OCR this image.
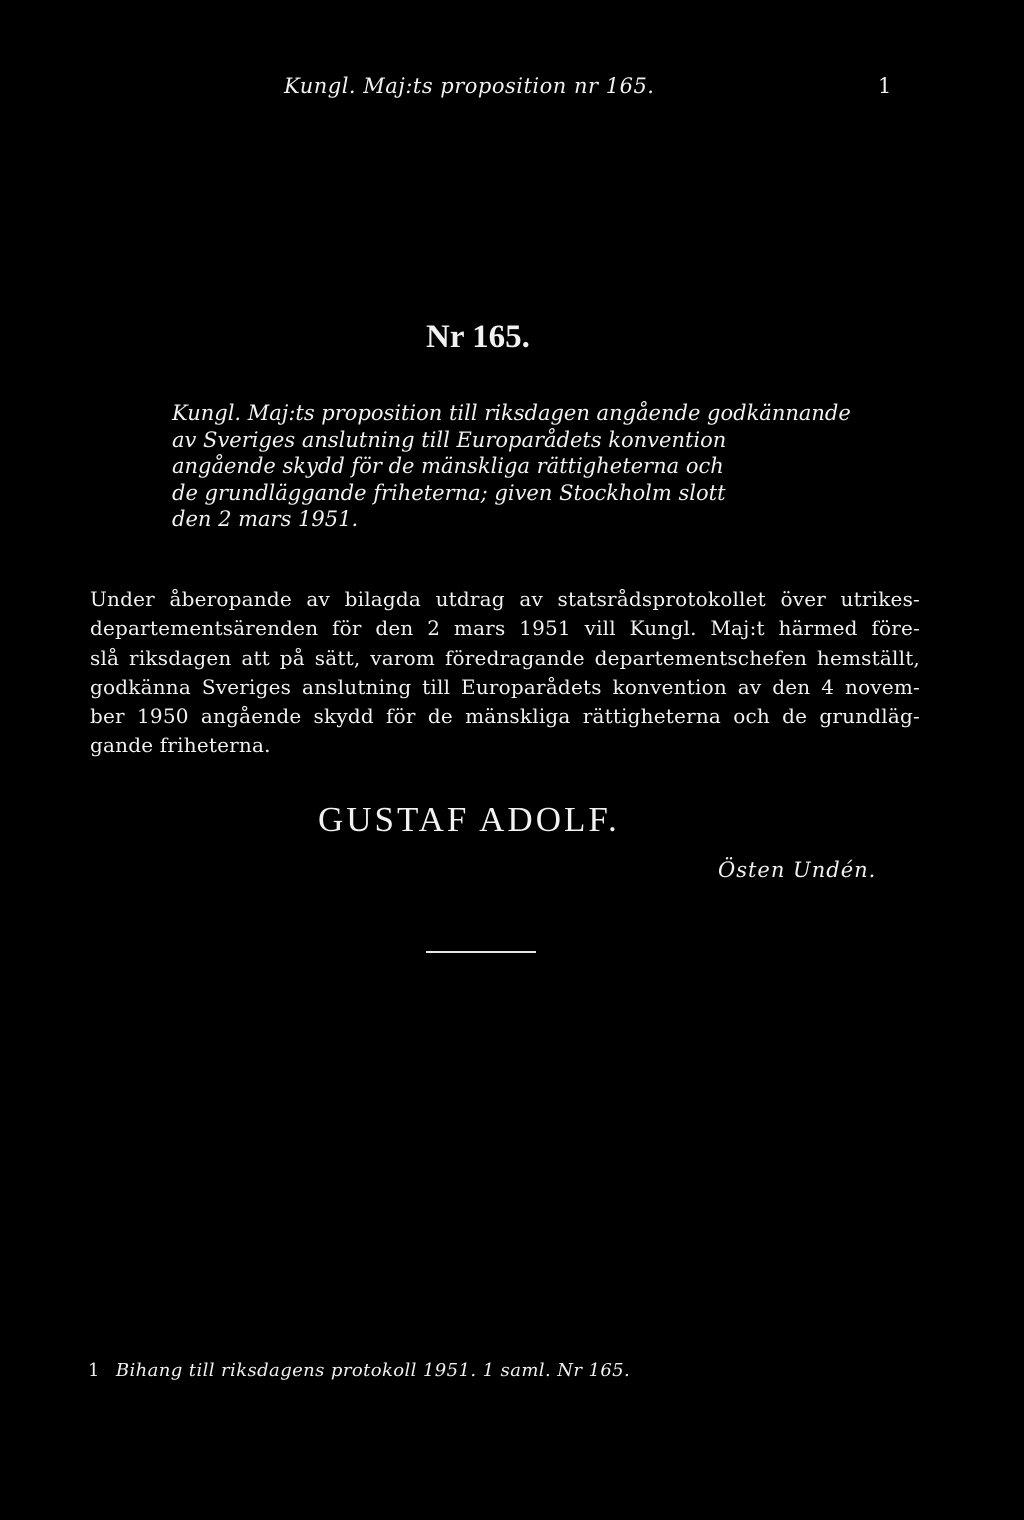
Kungl. Maj:ts proposition nr 165.	1
Nr 165.
Kungl. Maj:ts proposition till riksdagen angående godkännande
av Sveriges anslutning till Europarådets konvention
angående skydd för de mänskliga rättigheterna och
de grundläggande friheterna; given Stockholm slott
den 2 mars 1951.
Under åberopande av bilagda utdrag av statsrådsprotokollet över utrikes-
departementsärenden för den 2 mars 1951 vill Kungl. Maj:t härmed före-
slå riksdagen att på sätt, varom föredragande departementschefen hemställt,
godkänna Sveriges anslutning till Europarådets konvention av den 4 novem-
ber 1950 angående skydd för de mänskliga rättigheterna och de grundläg-
gande friheterna.
GUSTAF ADOLF.
Östen Undén.
1 Bihang till riksdagens protokoll 1951. 1 saml. Nr 165.
